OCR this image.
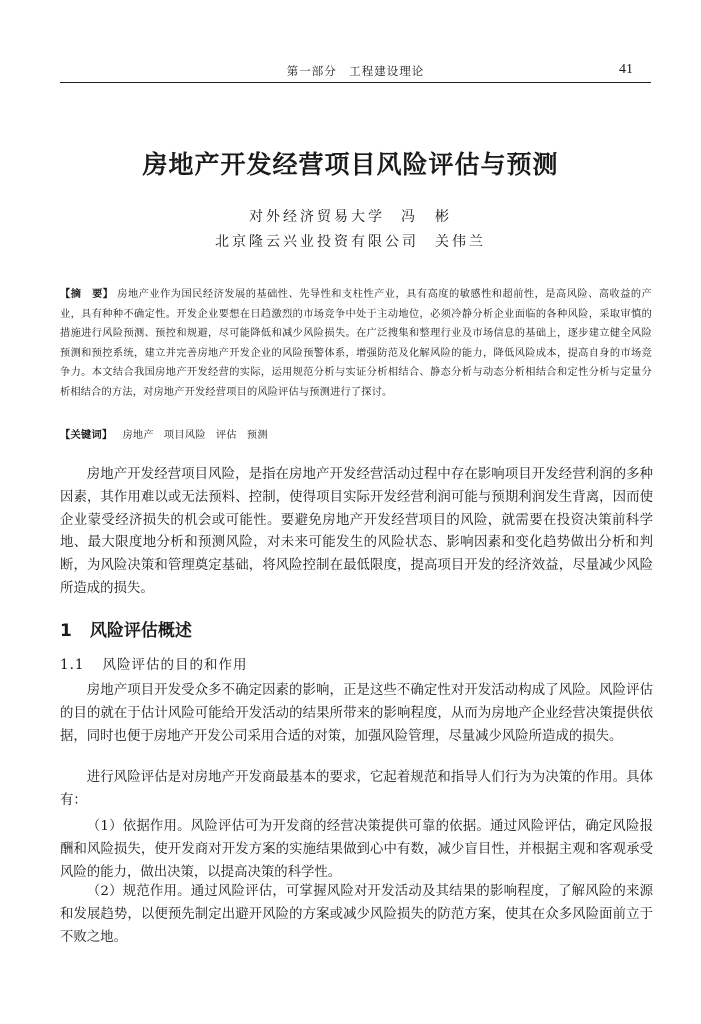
第一部分　工程建设理论	41
房地产开发经营项目风险评估与预测
对外经济贸易大学 冯　彬
北京隆云兴业投资有限公司 关伟兰
【摘　要】 房地产业作为国民经济发展的基础性、先导性和支柱性产业，具有高度的敏感性和超前性，是高风险、高收益的产业，具有种种不确定性。开发企业要想在日趋激烈的市场竞争中处于主动地位，必须冷静分析企业面临的各种风险，采取审慎的措施进行风险预测、预控和规避，尽可能降低和减少风险损失。在广泛搜集和整理行业及市场信息的基础上，逐步建立健全风险预测和预控系统，建立并完善房地产开发企业的风险预警体系，增强防范及化解风险的能力，降低风险成本，提高自身的市场竞争力。本文结合我国房地产开发经营的实际，运用规范分析与实证分析相结合、静态分析与动态分析相结合和定性分析与定量分析相结合的方法，对房地产开发经营项目的风险评估与预测进行了探讨。
【关键词】 房地产 项目风险 评估 预测

房地产开发经营项目风险，是指在房地产开发经营活动过程中存在影响项目开发经营利润的多种因素，其作用难以或无法预料、控制，使得项目实际开发经营利润可能与预期利润发生背离，因而使企业蒙受经济损失的机会或可能性。要避免房地产开发经营项目的风险，就需要在投资决策前科学地、最大限度地分析和预测风险，对未来可能发生的风险状态、影响因素和变化趋势做出分析和判断，为风险决策和管理奠定基础，将风险控制在最低限度，提高项目开发的经济效益，尽量减少风险所造成的损失。

1 风险评估概述
1.1 风险评估的目的和作用

房地产项目开发受众多不确定因素的影响，正是这些不确定性对开发活动构成了风险。风险评估的目的就在于估计风险可能给开发活动的结果所带来的影响程度，从而为房地产企业经营决策提供依据，同时也便于房地产开发公司采用合适的对策，加强风险管理，尽量减少风险所造成的损失。

进行风险评估是对房地产开发商最基本的要求，它起着规范和指导人们行为为决策的作用。具体有：

（1）依据作用。风险评估可为开发商的经营决策提供可靠的依据。通过风险评估，确定风险报酬和风险损失，使开发商对开发方案的实施结果做到心中有数，减少盲目性，并根据主观和客观承受风险的能力，做出决策，以提高决策的科学性。

（2）规范作用。通过风险评估，可掌握风险对开发活动及其结果的影响程度，了解风险的来源和发展趋势，以便预先制定出避开风险的方案或减少风险损失的防范方案，使其在众多风险面前立于不败之地。
